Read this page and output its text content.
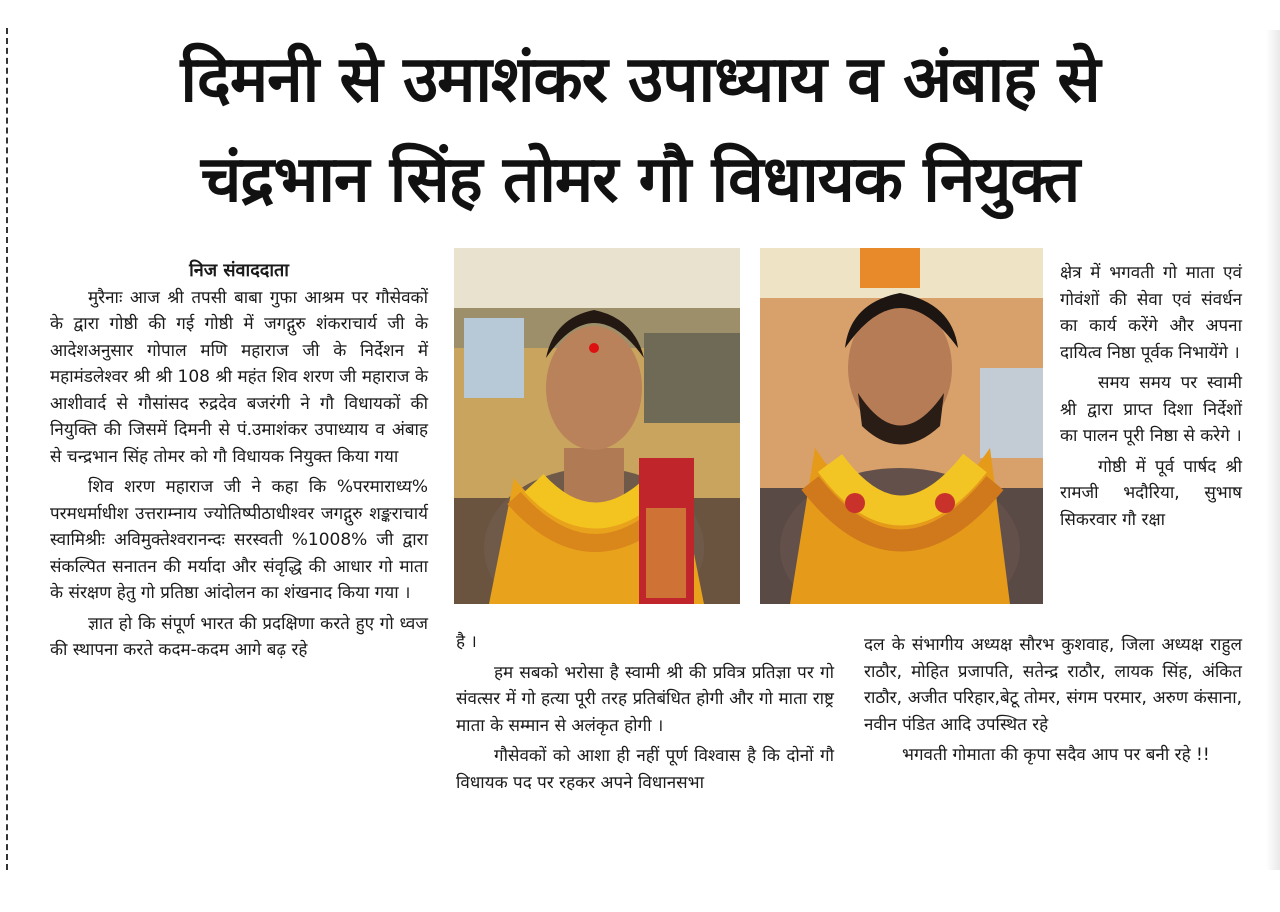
दिमनी से उमाशंकर उपाध्याय व अंबाह से
चंद्रभान सिंह तोमर गौ विधायक नियुक्त

निज संवाददाता

मुरैनाः आज श्री तपसी बाबा गुफा आश्रम पर गौसेवकों के द्वारा गोष्ठी की गई गोष्ठी में जगद्गुरु शंकराचार्य जी के आदेशअनुसार गोपाल मणि महाराज जी के निर्देशन में महामंडलेश्वर श्री श्री 108 श्री महंत शिव शरण जी महाराज के आशीवार्द से गौसांसद रुद्रदेव बजरंगी ने गौ विधायकों की नियुक्ति की जिसमें दिमनी से पं.उमाशंकर उपाध्याय व अंबाह से चन्द्रभान सिंह तोमर को गौ विधायक नियुक्त किया गया

शिव शरण महाराज जी ने कहा कि %परमाराध्य% परमधर्माधीश उत्तराम्नाय ज्योतिष्पीठाधीश्वर जगद्गुरु शङ्कराचार्य स्वामिश्रीः अविमुक्तेश्वरानन्दः सरस्वती %1008% जी द्वारा संकल्पित सनातन की मर्यादा और संवृद्धि की आधार गो माता के संरक्षण हेतु गो प्रतिष्ठा आंदोलन का शंखनाद किया गया ।

ज्ञात हो कि संपूर्ण भारत की प्रदक्षिणा करते हुए गो ध्वज की स्थापना करते कदम-कदम आगे बढ़ रहे	है ।

हम सबको भरोसा है स्वामी श्री की प्रवित्र प्रतिज्ञा पर गो संवत्सर में गो हत्या पूरी तरह प्रतिबंधित होगी और गो माता राष्ट्र माता के सम्मान से अलंकृत होगी ।

गौसेवकों को आशा ही नहीं पूर्ण विश्वास है कि दोनों गौ विधायक पद पर रहकर अपने विधानसभा

क्षेत्र में भगवती गो माता एवं गोवंशों की सेवा एवं संवर्धन का कार्य करेंगे और अपना दायित्व निष्ठा पूर्वक निभायेंगे ।

समय समय पर स्वामी श्री द्वारा प्राप्त दिशा निर्देशों का पालन पूरी निष्ठा से करेगे ।

गोष्ठी में पूर्व पार्षद श्री रामजी भदौरिया, सुभाष सिकरवार गौ रक्षा

दल के संभागीय अध्यक्ष सौरभ कुशवाह, जिला अध्यक्ष राहुल राठौर, मोहित प्रजापति, सतेन्द्र राठौर, लायक सिंह, अंकित राठौर, अजीत परिहार,बेटू तोमर, संगम परमार, अरुण कंसाना, नवीन पंडित आदि उपस्थित रहे

भगवती गोमाता की कृपा सदैव आप पर बनी रहे !!
